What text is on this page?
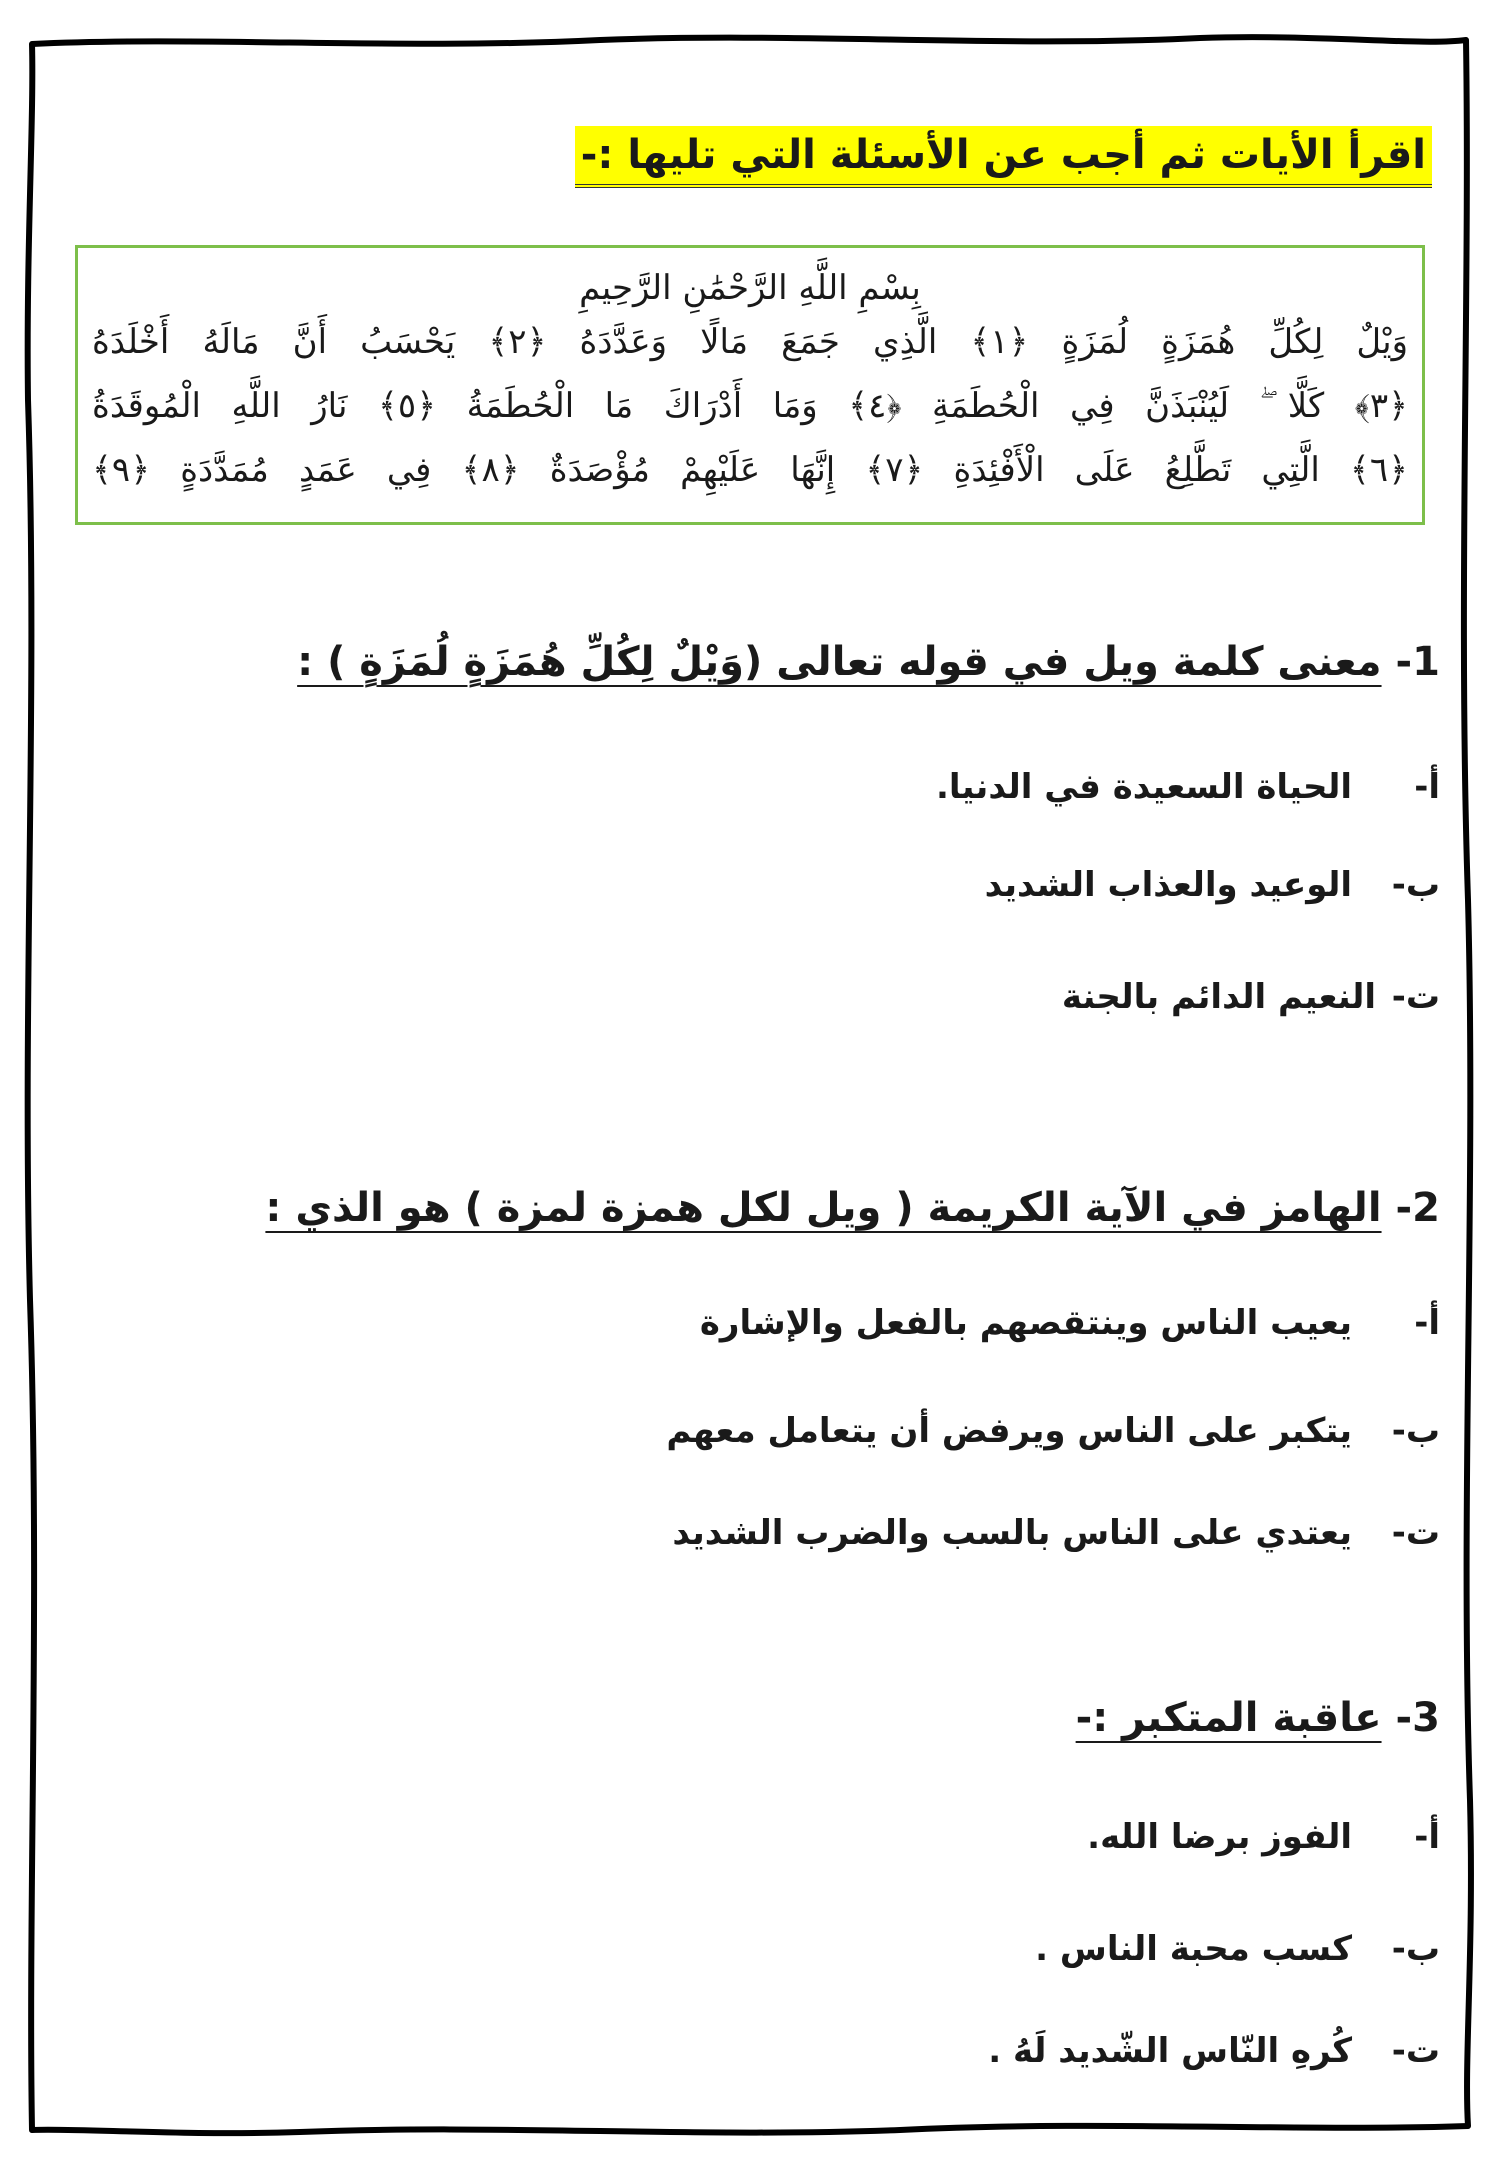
اقرأ الأيات ثم أجب عن الأسئلة التي تليها :-
بِسْمِ اللَّهِ الرَّحْمَٰنِ الرَّحِيمِ
وَيْلٌ لِكُلِّ هُمَزَةٍ لُمَزَةٍ ﴿١﴾ الَّذِي جَمَعَ مَالًا وَعَدَّدَهُ ﴿٢﴾ يَحْسَبُ أَنَّ مَالَهُ أَخْلَدَهُ
﴿٣﴾ كَلَّا ۖ لَيُنْبَذَنَّ فِي الْحُطَمَةِ ﴿٤﴾ وَمَا أَدْرَاكَ مَا الْحُطَمَةُ ﴿٥﴾ نَارُ اللَّهِ الْمُوقَدَةُ
﴿٦﴾ الَّتِي تَطَّلِعُ عَلَى الْأَفْئِدَةِ ﴿٧﴾ إِنَّهَا عَلَيْهِمْ مُؤْصَدَةٌ ﴿٨﴾ فِي عَمَدٍ مُمَدَّدَةٍ ﴿٩﴾
1-معنى كلمة ويل في قوله تعالى (وَيْلٌ لِكُلِّ هُمَزَةٍ لُمَزَةٍ ) :
أ-الحياة السعيدة في الدنيا.
ب-الوعيد والعذاب الشديد
ت-النعيم الدائم بالجنة
2-الهامز في الآية الكريمة ( ويل لكل همزة لمزة ) هو الذي :
أ-يعيب الناس وينتقصهم بالفعل والإشارة
ب-يتكبر على الناس ويرفض أن يتعامل معهم
ت-يعتدي على الناس بالسب والضرب الشديد
3-عاقبة المتكبر :-
أ-الفوز برضا الله.
ب-كسب محبة الناس .
ت-كُرهِ النّاس الشّديد لَهُ .
